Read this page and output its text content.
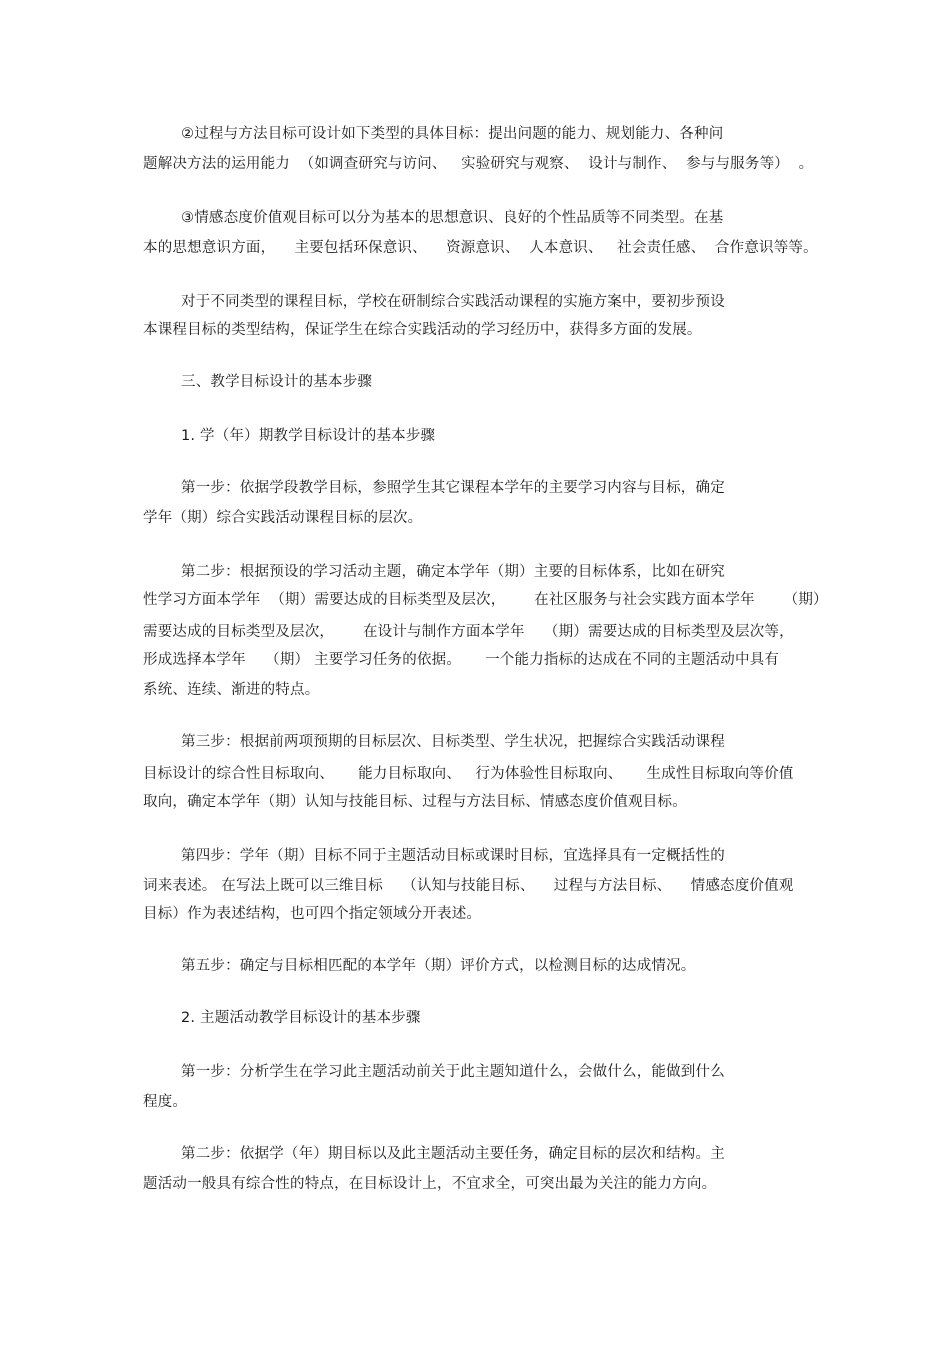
②过程与方法目标可设计如下类型的具体目标：提出问题的能力、规划能力、各种问
题解决方法的运用能力  （如调查研究与访问、   实验研究与观察、  设计与制作、  参与与服务等）  。
③情感态度价值观目标可以分为基本的思想意识、良好的个性品质等不同类型。在基
本的思想意识方面，    主要包括环保意识、    资源意识、  人本意识、   社会责任感、  合作意识等等。
对于不同类型的课程目标，学校在研制综合实践活动课程的实施方案中，要初步预设
本课程目标的类型结构，保证学生在综合实践活动的学习经历中，获得多方面的发展。
三、教学目标设计的基本步骤
1. 学（年）期教学目标设计的基本步骤
第一步：依据学段教学目标，参照学生其它课程本学年的主要学习内容与目标，确定
学年（期）综合实践活动课程目标的层次。
第二步：根据预设的学习活动主题，确定本学年（期）主要的目标体系，比如在研究
性学习方面本学年  （期）需要达成的目标类型及层次，      在社区服务与社会实践方面本学年      （期）
需要达成的目标类型及层次，      在设计与制作方面本学年    （期）需要达成的目标类型及层次等，
形成选择本学年    （期） 主要学习任务的依据。     一个能力指标的达成在不同的主题活动中具有
系统、连续、渐进的特点。
第三步：根据前两项预期的目标层次、目标类型、学生状况，把握综合实践活动课程
目标设计的综合性目标取向、     能力目标取向、   行为体验性目标取向、     生成性目标取向等价值
取向，确定本学年（期）认知与技能目标、过程与方法目标、情感态度价值观目标。
第四步：学年（期）目标不同于主题活动目标或课时目标，宜选择具有一定概括性的
词来表述。 在写法上既可以三维目标    （认知与技能目标、    过程与方法目标、    情感态度价值观
目标）作为表述结构，也可四个指定领域分开表述。
第五步：确定与目标相匹配的本学年（期）评价方式，以检测目标的达成情况。
2. 主题活动教学目标设计的基本步骤
第一步：分析学生在学习此主题活动前关于此主题知道什么，会做什么，能做到什么
程度。
第二步：依据学（年）期目标以及此主题活动主要任务，确定目标的层次和结构。主
题活动一般具有综合性的特点，在目标设计上，不宜求全，可突出最为关注的能力方向。
